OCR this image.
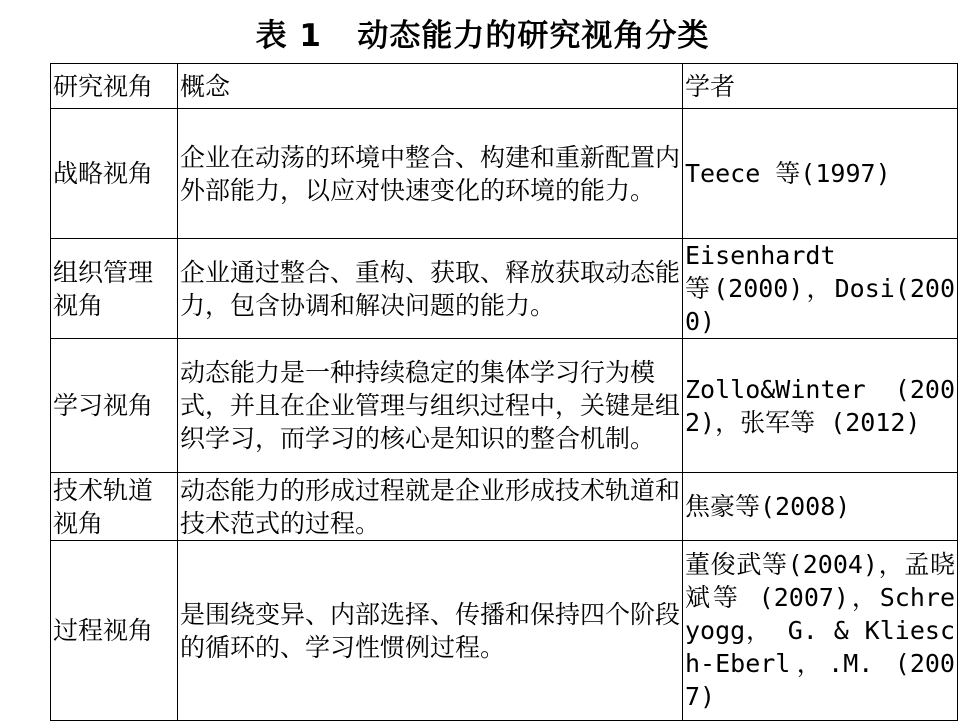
表 1   动态能力的研究视角分类
研究视角	概念	学者
战略视角	企业在动荡的环境中整合、构建和重新配置内外部能力，以应对快速变化的环境的能力。	Teece 等(1997)
组织管理视角	企业通过整合、重构、获取、释放获取动态能力，包含协调和解决问题的能力。	Eisenhardt　　　　等(2000)，Dosi(2000)
学习视角	动态能力是一种持续稳定的集体学习行为模式，并且在企业管理与组织过程中，关键是组织学习，而学习的核心是知识的整合机制。	Zollo&Winter (2002)，张军等 (2012)
技术轨道视角	动态能力的形成过程就是企业形成技术轨道和技术范式的过程。	焦豪等(2008)
过程视角	是围绕变异、内部选择、传播和保持四个阶段的循环的、学习性惯例过程。	董俊武等(2004)，孟晓斌等 (2007)，Schreyogg， G. & Kliesch-Eberl，.M. (2007)
